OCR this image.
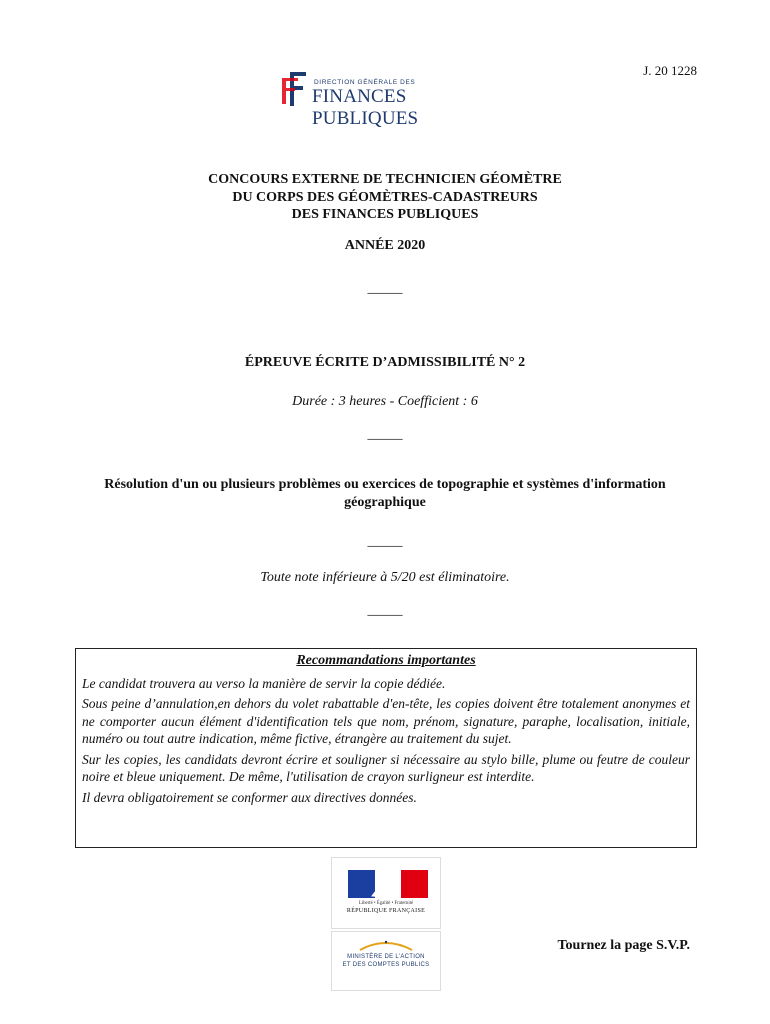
J. 20 1228
DIRECTION GÉNÉRALE DES
FINANCES PUBLIQUES
CONCOURS EXTERNE DE TECHNICIEN GÉOMÈTRE
DU CORPS DES GÉOMÈTRES-CADASTREURS
DES FINANCES PUBLIQUES
ANNÉE 2020
_____
ÉPREUVE ÉCRITE D’ADMISSIBILITÉ N° 2
Durée : 3 heures - Coefficient : 6
_____
Résolution d'un ou plusieurs problèmes ou exercices de topographie et systèmes d'information géographique
_____
Toute note inférieure à 5/20 est éliminatoire.
_____
Recommandations importantes

Le candidat trouvera au verso la manière de servir la copie dédiée.

Sous peine d’annulation,en dehors du volet rabattable d'en-tête, les copies doivent être totalement anonymes et ne comporter aucun élément d'identification tels que nom, prénom, signature, paraphe, localisation, initiale, numéro ou tout autre indication, même fictive, étrangère au traitement du sujet.

Sur les copies, les candidats devront écrire et souligner si nécessaire au stylo bille, plume ou feutre de couleur noire et bleue uniquement. De même, l'utilisation de crayon surligneur est interdite.

Il devra obligatoirement se conformer aux directives données.

Liberté • Égalité • Fraternité
RÉPUBLIQUE FRANÇAISE
MINISTÈRE DE L’ACTION
ET DES COMPTES PUBLICS
Tournez la page S.V.P.
